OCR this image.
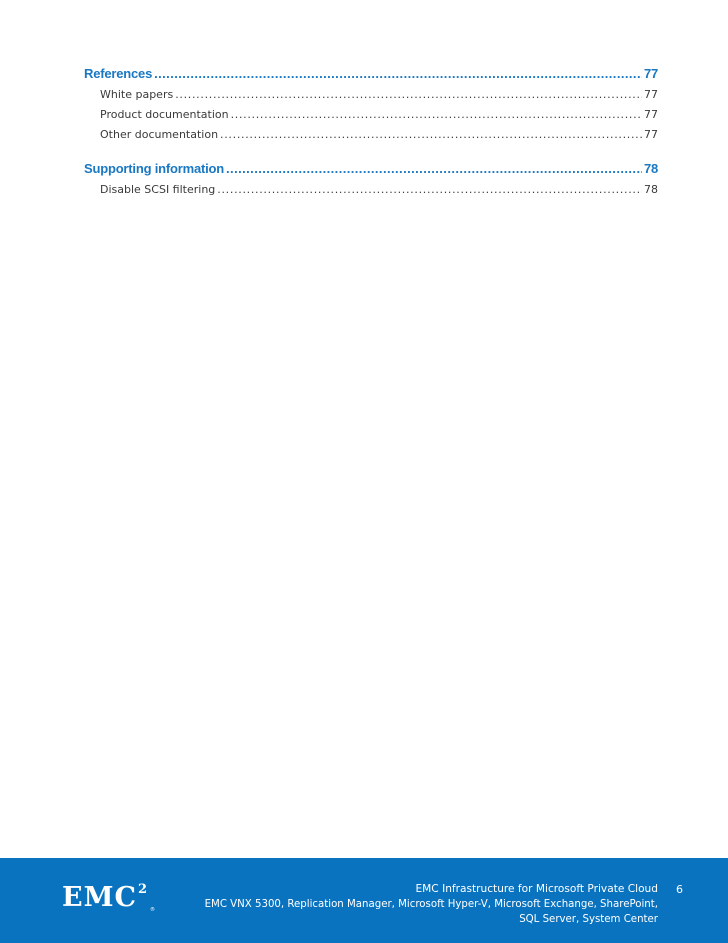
References . . .	77
White papers . . .	77
Product documentation . . .	77
Other documentation . . .	77
Supporting information . . .	78
Disable SCSI filtering . . .	78
EMC$^2$®
EMC Infrastructure for Microsoft Private Cloud
EMC VNX 5300, Replication Manager, Microsoft Hyper-V, Microsoft Exchange, SharePoint,
SQL Server, System Center
6
